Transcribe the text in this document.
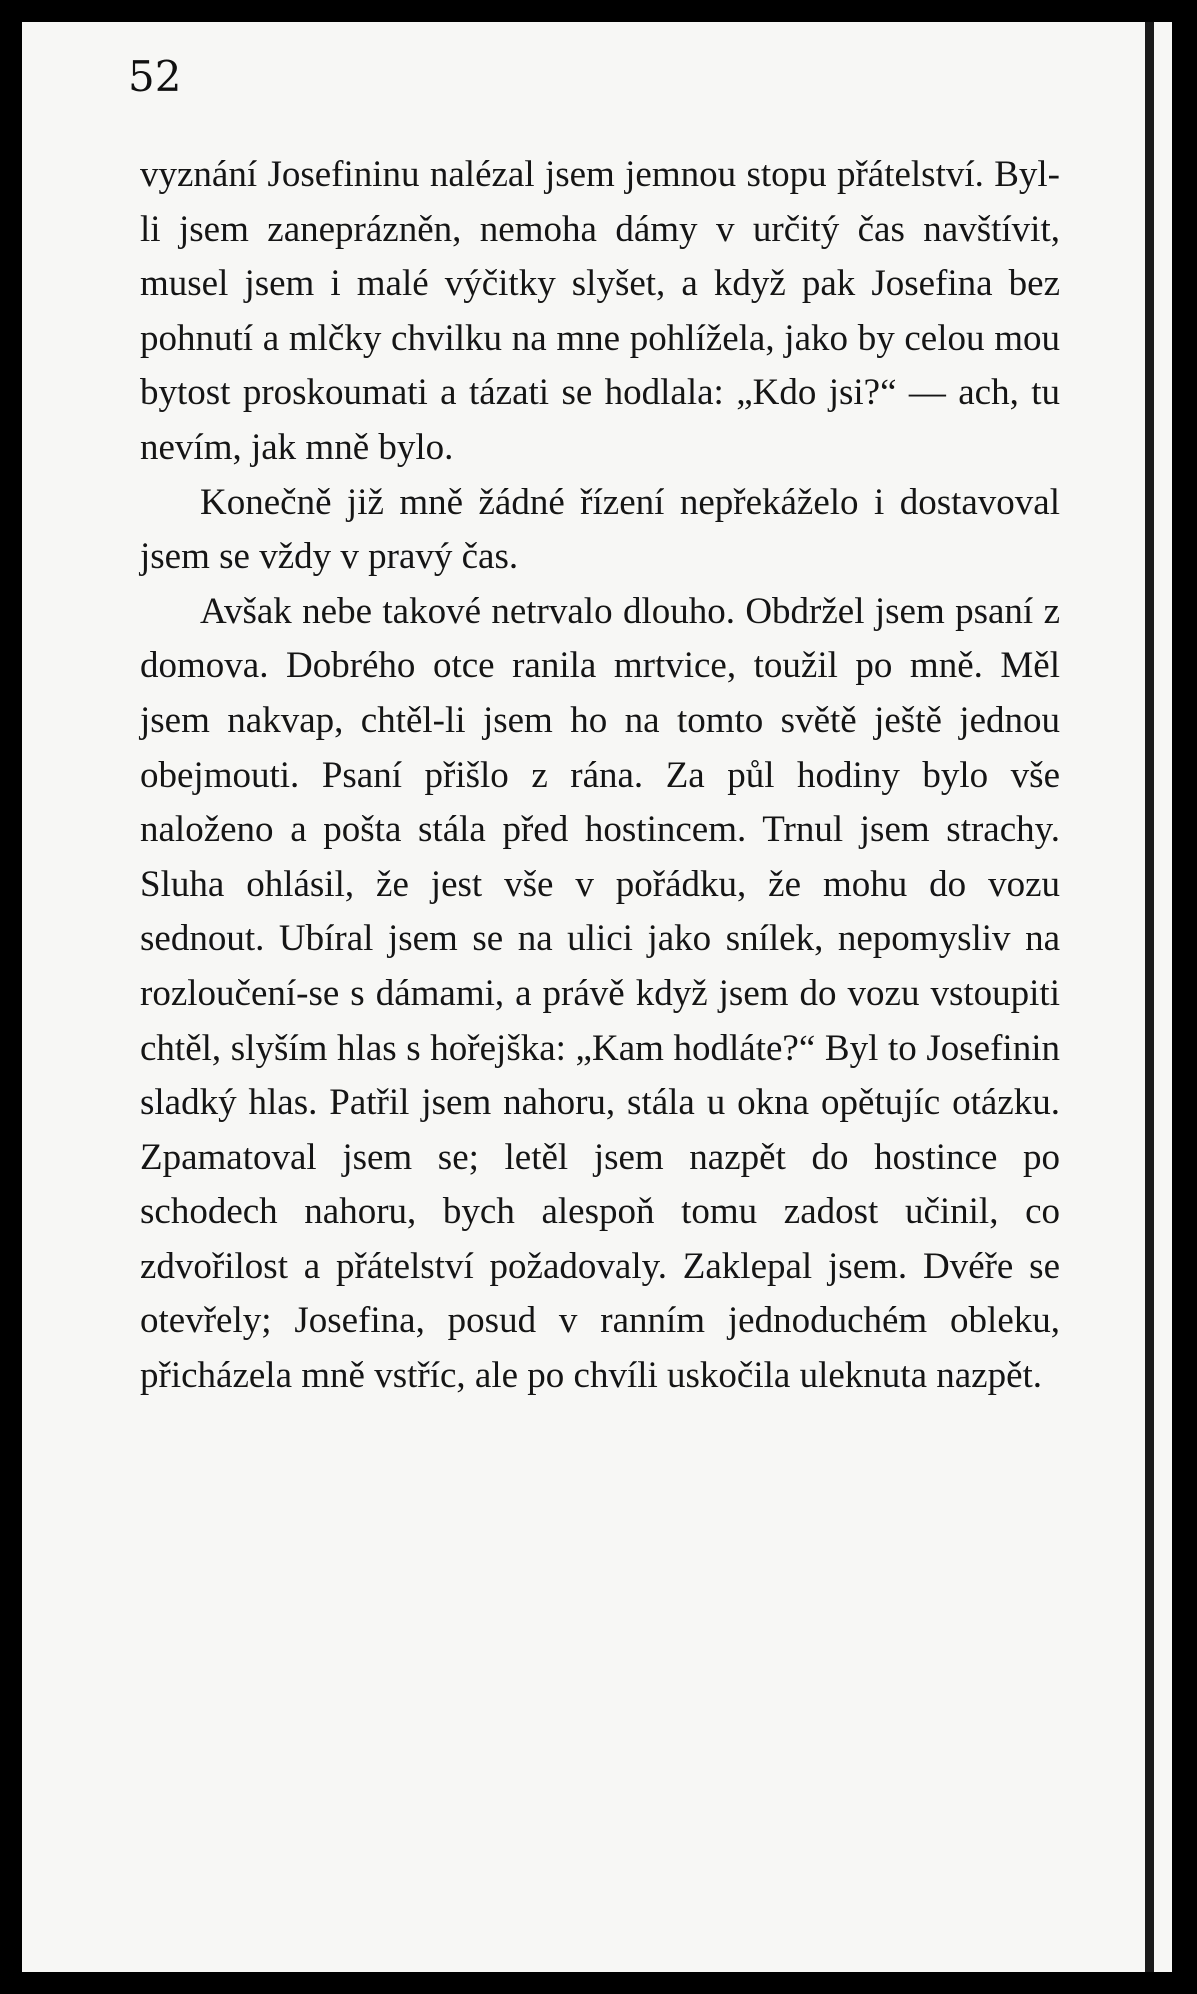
52

vyznání Josefininu nalézal jsem jemnou stopu přátelství. Byl-li jsem zaneprázněn, nemoha dámy v určitý čas navštívit, musel jsem i malé výčitky slyšet, a když pak Josefina bez pohnutí a mlčky chvilku na mne pohlížela, jako by celou mou bytost proskoumati a tázati se hodlala: „Kdo jsi?“ — ach, tu nevím, jak mně bylo.

Konečně již mně žádné řízení nepřekáželo i dostavoval jsem se vždy v pravý čas.

Avšak nebe takové netrvalo dlouho. Obdržel jsem psaní z domova. Dobrého otce ranila mrtvice, toužil po mně. Měl jsem nakvap, chtěl-li jsem ho na tomto světě ještě jednou obejmouti. Psaní přišlo z rána. Za půl hodiny bylo vše naloženo a pošta stála před hostincem. Trnul jsem strachy. Sluha ohlásil, že jest vše v pořádku, že mohu do vozu sednout. Ubíral jsem se na ulici jako snílek, nepomysliv na rozloučení-se s dámami, a právě když jsem do vozu vstoupiti chtěl, slyším hlas s hořejška: „Kam hodláte?“ Byl to Josefinin sladký hlas. Patřil jsem nahoru, stála u okna opětujíc otázku. Zpamatoval jsem se; letěl jsem nazpět do hostince po schodech nahoru, bych alespoň tomu zadost učinil, co zdvořilost a přátelství požadovaly. Zaklepal jsem. Dvéře se otevřely; Josefina, posud v ranním jednoduchém obleku, přicházela mně vstříc, ale po chvíli uskočila uleknuta nazpět.
